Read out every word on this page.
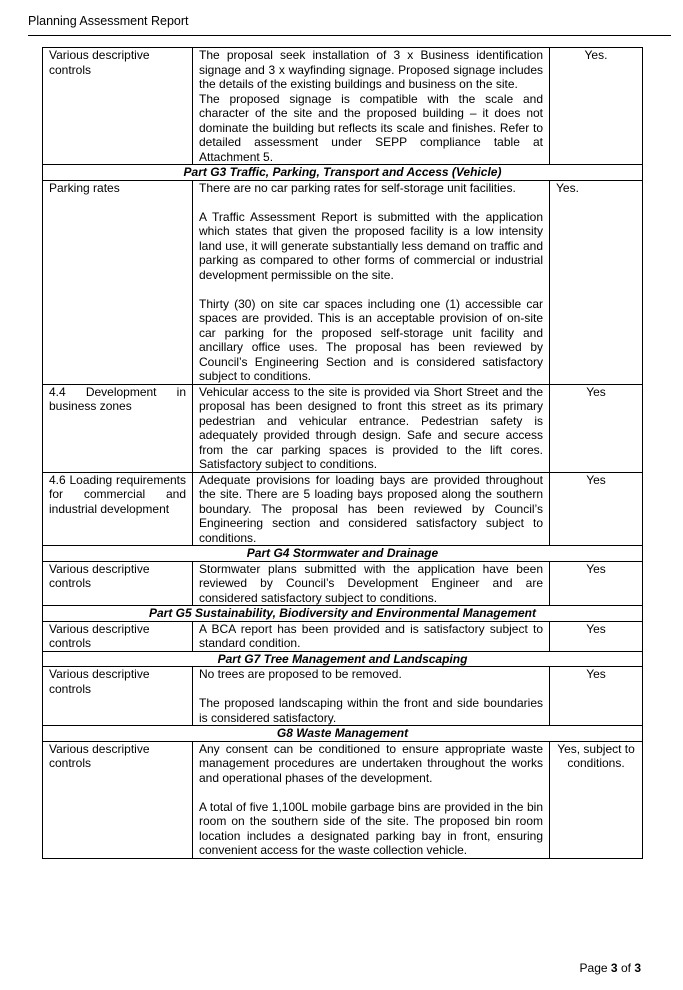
Planning Assessment Report
Various descriptive controls	The proposal seek installation of 3 x Business identification signage and 3 x wayfinding signage. Proposed signage includes the details of the existing buildings and business on the site.

The proposed signage is compatible with the scale and character of the site and the proposed building – it does not dominate the building but reflects its scale and finishes. Refer to detailed assessment under SEPP compliance table at Attachment 5.	Yes.
Part G3 Traffic, Parking, Transport and Access (Vehicle)		
Parking rates	There are no car parking rates for self-storage unit facilities.

A Traffic Assessment Report is submitted with the application which states that given the proposed facility is a low intensity land use, it will generate substantially less demand on traffic and parking as compared to other forms of commercial or industrial development permissible on the site.

Thirty (30) on site car spaces including one (1) accessible car spaces are provided. This is an acceptable provision of on-site car parking for the proposed self-storage unit facility and ancillary office uses. The proposal has been reviewed by Council’s Engineering Section and is considered satisfactory subject to conditions.	Yes.
4.4 Development in business zones	Vehicular access to the site is provided via Short Street and the proposal has been designed to front this street as its primary pedestrian and vehicular entrance. Pedestrian safety is adequately provided through design. Safe and secure access from the car parking spaces is provided to the lift cores. Satisfactory subject to conditions.	Yes
4.6 Loading requirements for commercial and industrial development	Adequate provisions for loading bays are provided throughout the site. There are 5 loading bays proposed along the southern boundary. The proposal has been reviewed by Council’s Engineering section and considered satisfactory subject to conditions.	Yes
Part G4 Stormwater and Drainage		
Various descriptive controls	Stormwater plans submitted with the application have been reviewed by Council’s Development Engineer and are considered satisfactory subject to conditions.	Yes
Part G5 Sustainability, Biodiversity and Environmental Management		
Various descriptive controls	A BCA report has been provided and is satisfactory subject to standard condition.	Yes
Part G7 Tree Management and Landscaping		
Various descriptive controls	No trees are proposed to be removed.

The proposed landscaping within the front and side boundaries is considered satisfactory.	Yes
G8 Waste Management		
Various descriptive controls	Any consent can be conditioned to ensure appropriate waste management procedures are undertaken throughout the works and operational phases of the development.

A total of five 1,100L mobile garbage bins are provided in the bin room on the southern side of the site. The proposed bin room location includes a designated parking bay in front, ensuring convenient access for the waste collection vehicle.	Yes, subject to conditions.
Page 3 of 3
